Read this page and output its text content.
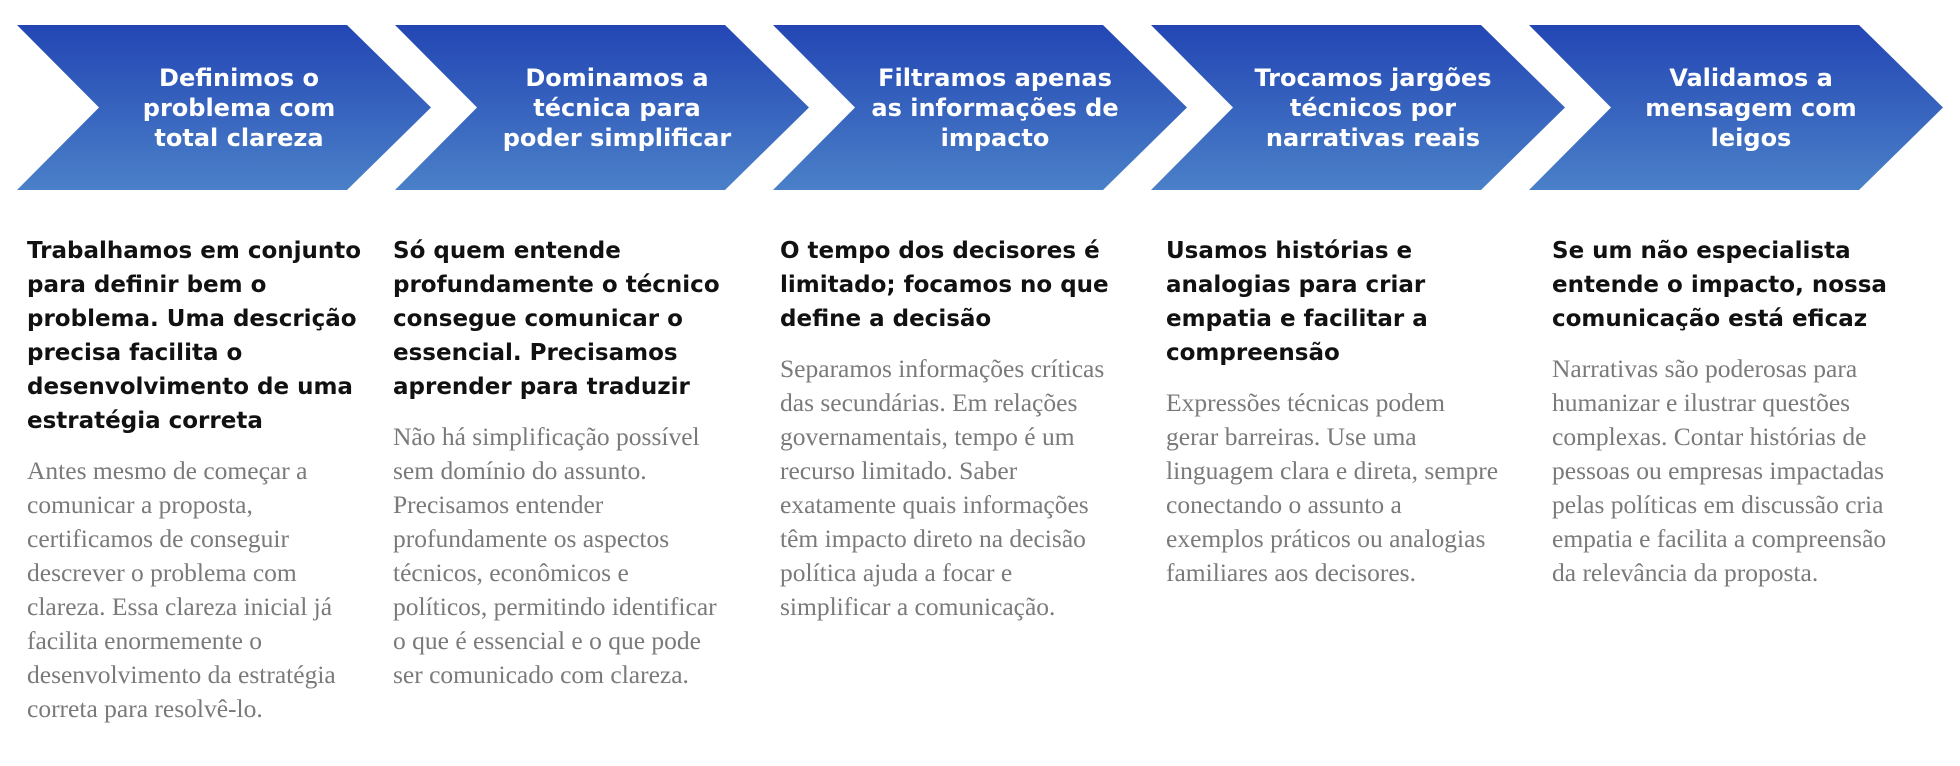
Definimos o problema com total clareza
Dominamos a técnica para poder simplificar
Filtramos apenas as informações de impacto
Trocamos jargões técnicos por narrativas reais
Validamos a mensagem com leigos

Trabalhamos em conjunto para definir bem o problema. Uma descrição precisa facilita o desenvolvimento de uma estratégia correta

Antes mesmo de começar a comunicar a proposta, certificamos de conseguir descrever o problema com clareza. Essa clareza inicial já facilita enormemente o desenvolvimento da estratégia correta para resolvê-lo.

Só quem entende profundamente o técnico consegue comunicar o essencial. Precisamos aprender para traduzir

Não há simplificação possível sem domínio do assunto. Precisamos entender profundamente os aspectos técnicos, econômicos e políticos, permitindo identificar o que é essencial e o que pode ser comunicado com clareza.

O tempo dos decisores é limitado; focamos no que define a decisão

Separamos informações críticas das secundárias. Em relações governamentais, tempo é um recurso limitado. Saber exatamente quais informações têm impacto direto na decisão política ajuda a focar e simplificar a comunicação.

Usamos histórias e analogias para criar empatia e facilitar a compreensão

Expressões técnicas podem gerar barreiras. Use uma linguagem clara e direta, sempre conectando o assunto a exemplos práticos ou analogias familiares aos decisores.

Se um não especialista entende o impacto, nossa comunicação está eficaz

Narrativas são poderosas para humanizar e ilustrar questões complexas. Contar histórias de pessoas ou empresas impactadas pelas políticas em discussão cria empatia e facilita a compreensão da relevância da proposta.
